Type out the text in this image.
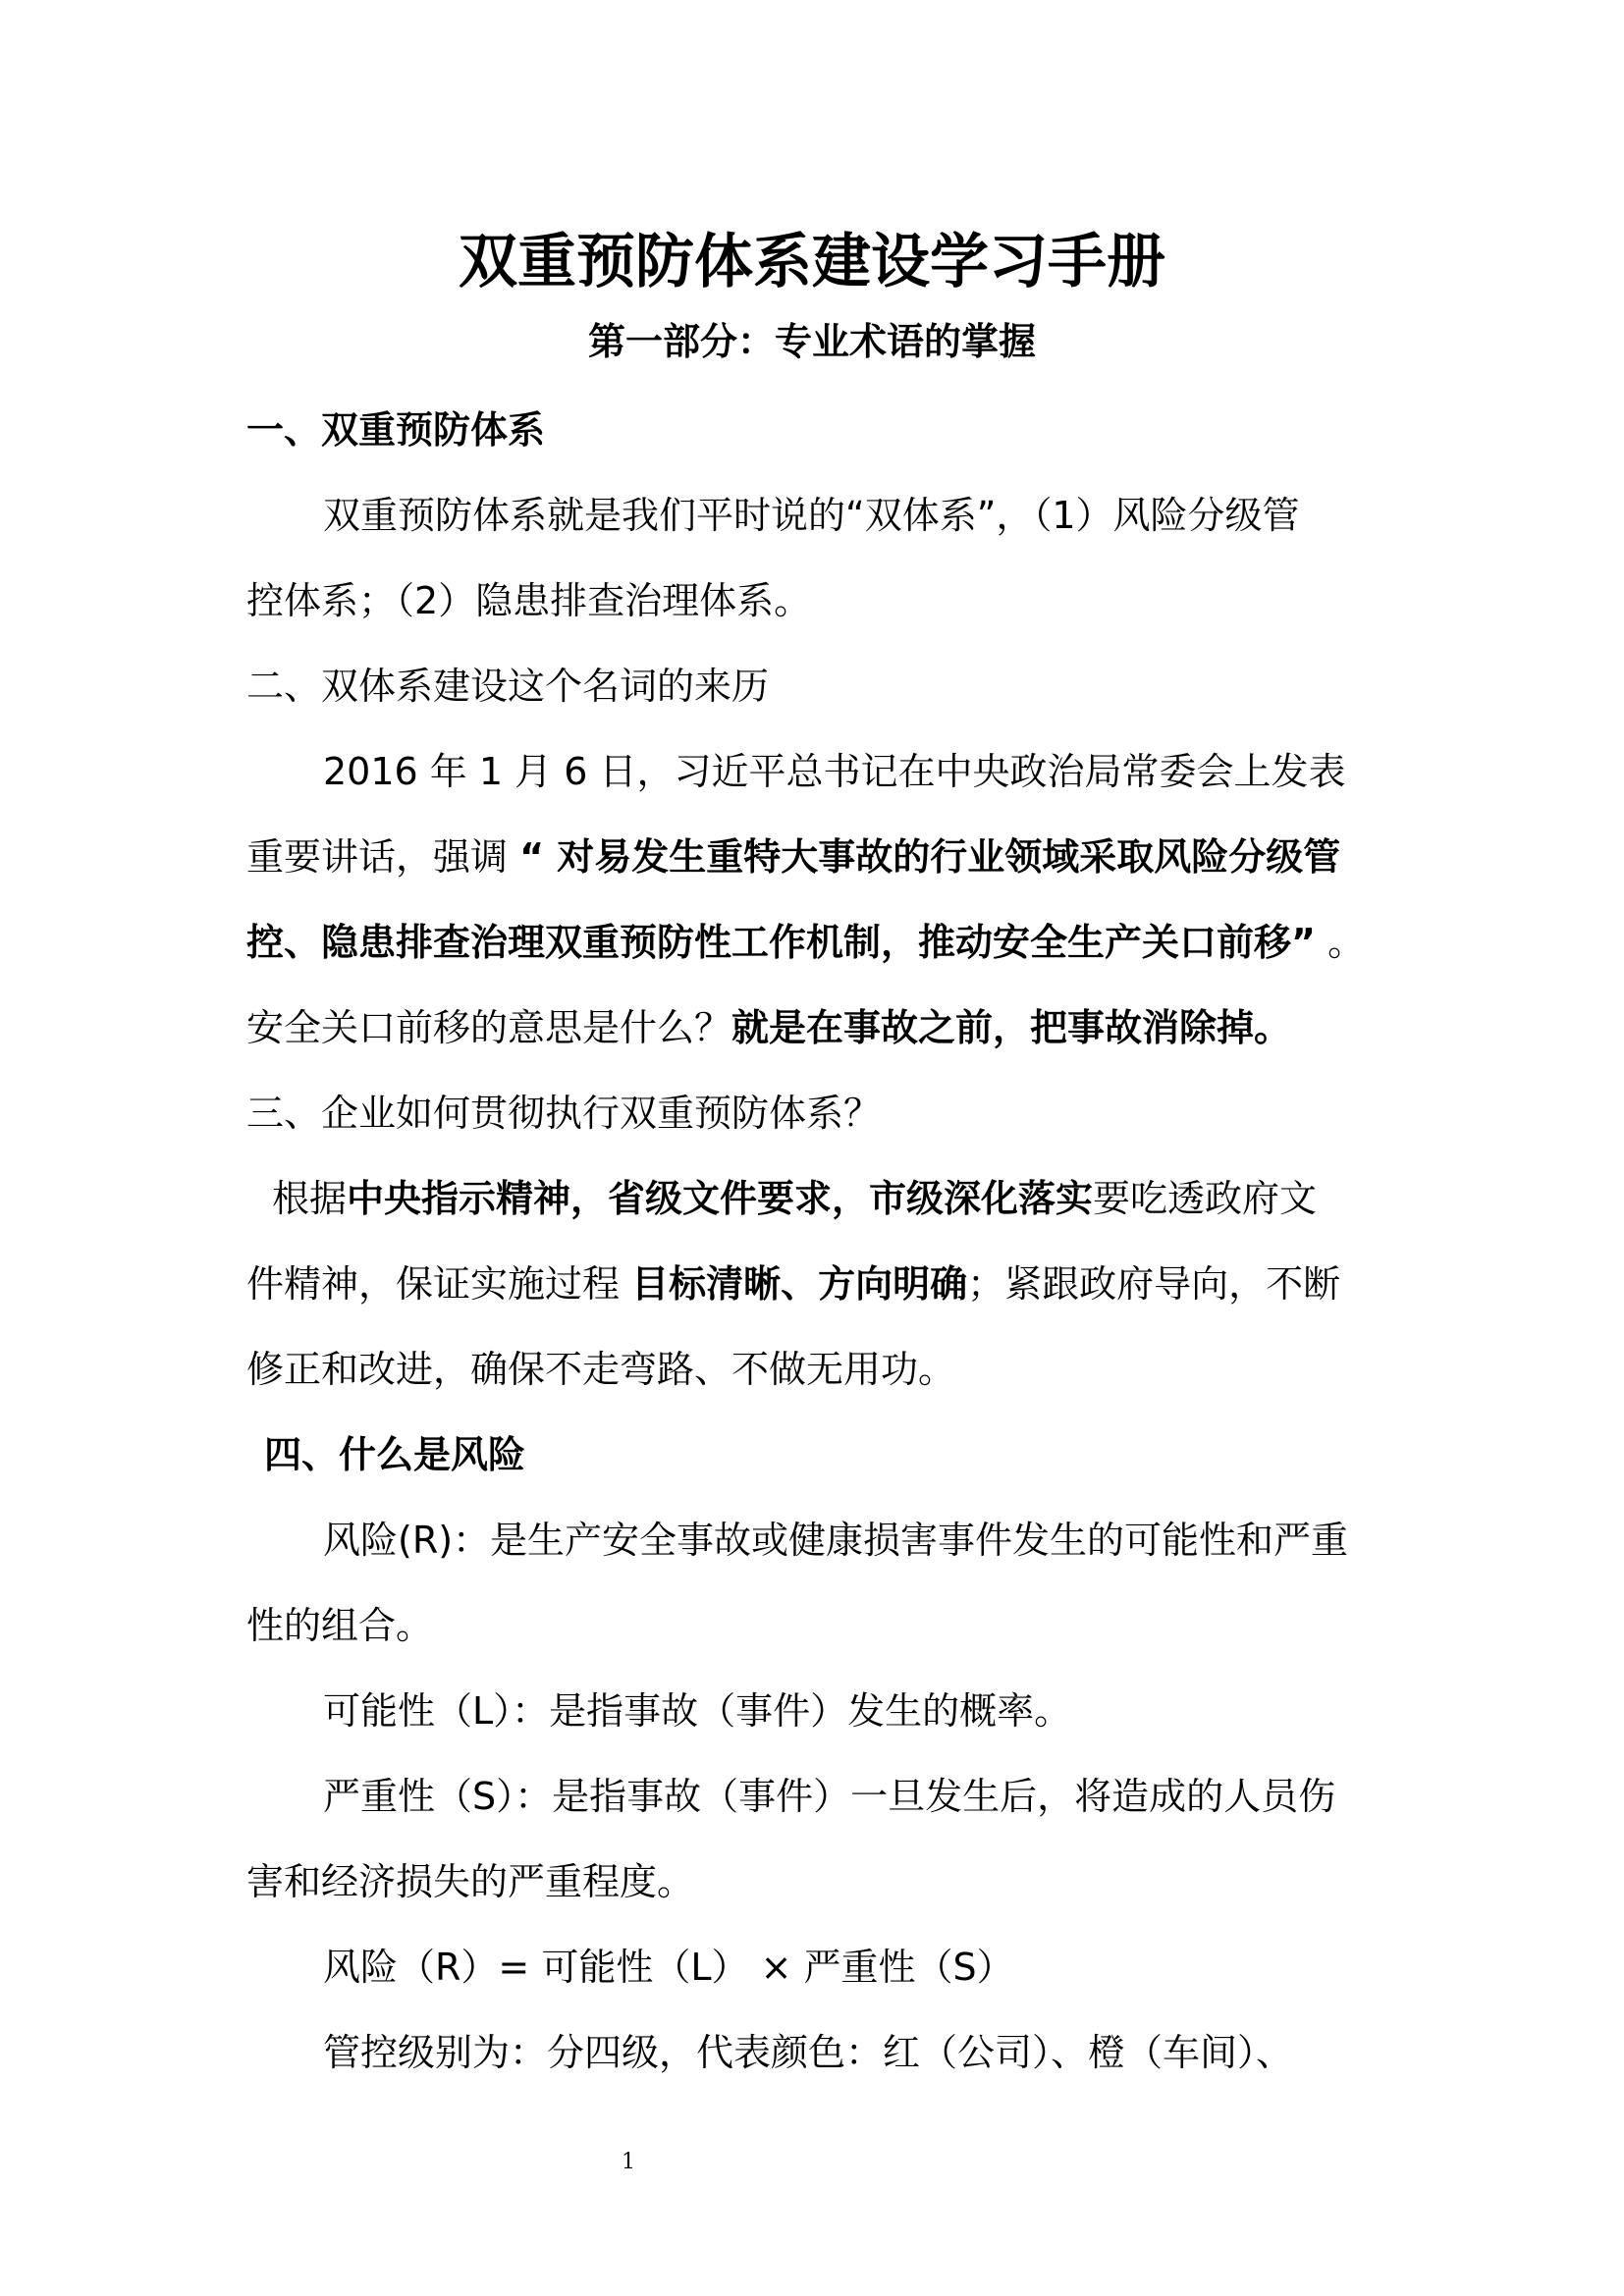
双重预防体系建设学习手册
第一部分：专业术语的掌握
一、双重预防体系
双重预防体系就是我们平时说的“双体系”，（1）风险分级管
控体系；（2）隐患排查治理体系。
二、双体系建设这个名词的来历
2016 年 1 月 6 日，习近平总书记在中央政治局常委会上发表
重要讲话，强调 “ 对易发生重特大事故的行业领域采取风险分级管
控、隐患排查治理双重预防性工作机制，推动安全生产关口前移” 。
安全关口前移的意思是什么？就是在事故之前，把事故消除掉。
三、企业如何贯彻执行双重预防体系？
根据中央指示精神，省级文件要求，市级深化落实要吃透政府文
件精神，保证实施过程 目标清晰、方向明确；紧跟政府导向，不断
修正和改进，确保不走弯路、不做无用功。
四、什么是风险
风险(R)：是生产安全事故或健康损害事件发生的可能性和严重
性的组合。
可能性（L）：是指事故（事件）发生的概率。
严重性（S）：是指事故（事件）一旦发生后，将造成的人员伤
害和经济损失的严重程度。
风险（R）= 可能性（L） × 严重性（S）
管控级别为：分四级，代表颜色：红（公司）、橙（车间）、
1
